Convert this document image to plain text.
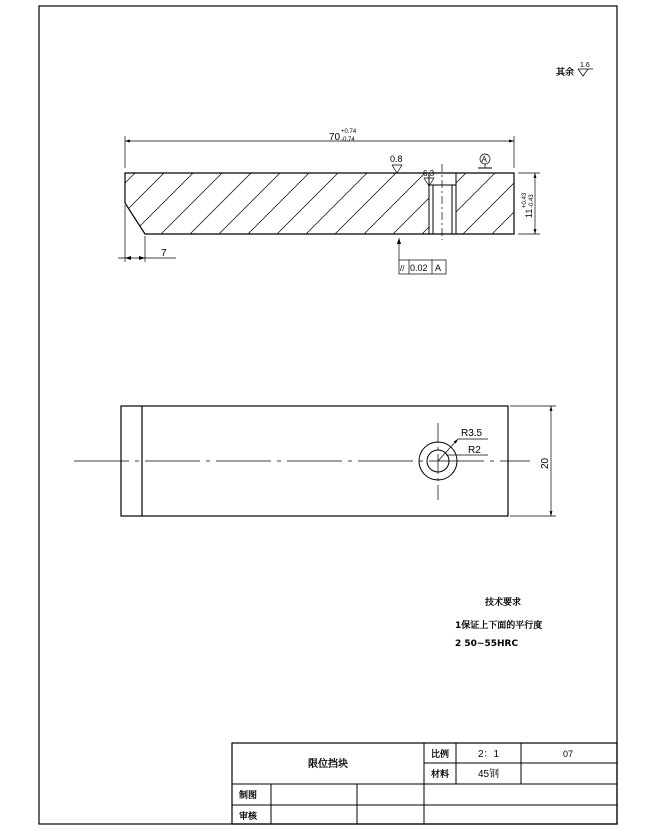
其余
1.6
70 +0.74
-0.74
11
+0.43 -0.43
7
0.8
6.3
A
// 0.02 A
R3.5
R2
20
技术要求
1保证上下面的平行度
2 50~55HRC
限位挡块
比例	2：1	07
材料	45钢
制图
审核
